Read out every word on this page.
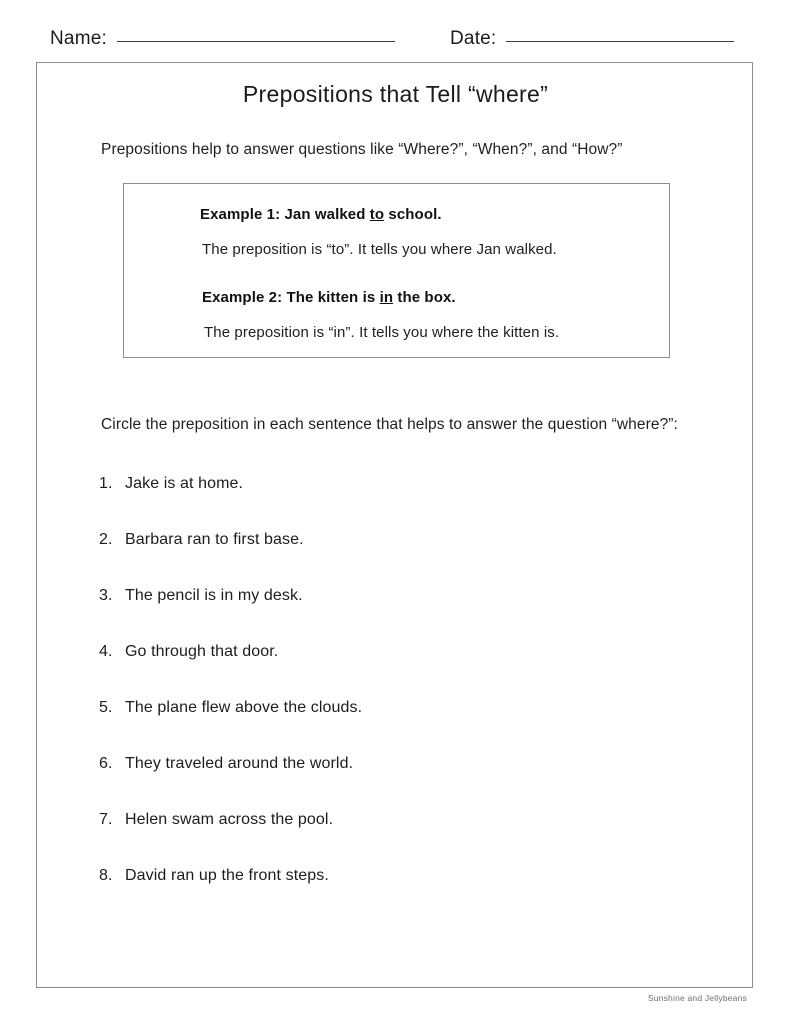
Name:	Date:
Prepositions that Tell “where”
Prepositions help to answer questions like “Where?”, “When?”, and “How?”
Example 1: Jan walked to school.
The preposition is “to”. It tells you where Jan walked.
Example 2: The kitten is in the box.
The preposition is “in”. It tells you where the kitten is.
Circle the preposition in each sentence that helps to answer the question “where?”:
1. Jake is at home.
2. Barbara ran to first base.
3. The pencil is in my desk.
4. Go through that door.
5. The plane flew above the clouds.
6. They traveled around the world.
7. Helen swam across the pool.
8. David ran up the front steps.
Sunshine and Jellybeans
